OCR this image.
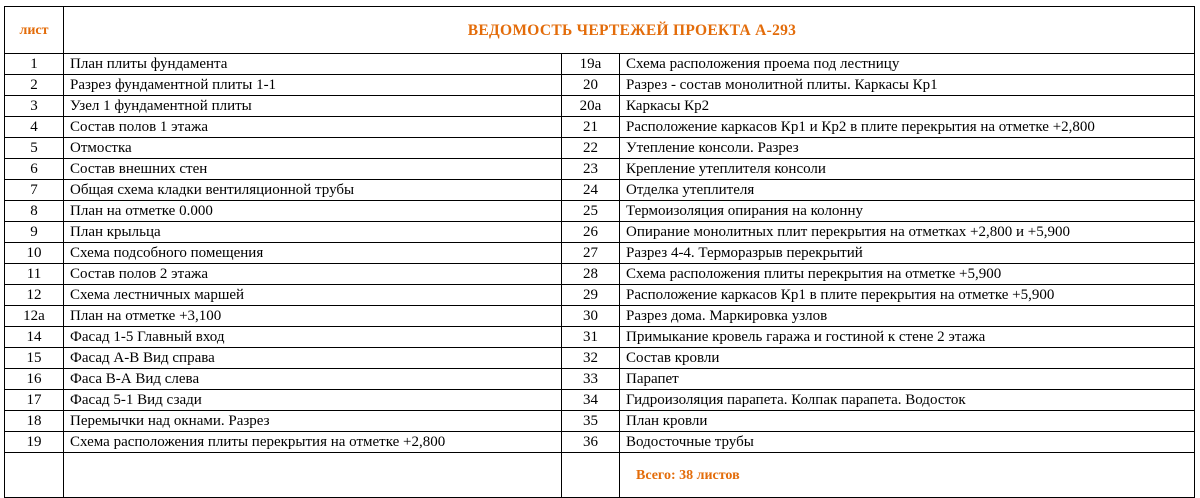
лист	ВЕДОМОСТЬ ЧЕРТЕЖЕЙ ПРОЕКТА А-293		
1	План плиты фундамента	19а	Схема расположения проема под лестницу
2	Разрез фундаментной плиты 1-1	20	Разрез - состав монолитной плиты. Каркасы Кр1
3	Узел 1 фундаментной плиты	20а	Каркасы Кр2
4	Состав полов 1 этажа	21	Расположение каркасов Кр1 и Кр2 в плите перекрытия на отметке +2,800
5	Отмостка	22	Утепление консоли. Разрез
6	Состав внешних стен	23	Крепление утеплителя консоли
7	Общая схема кладки вентиляционной трубы	24	Отделка утеплителя
8	План на отметке 0.000	25	Термоизоляция опирания на колонну
9	План крыльца	26	Опирание монолитных плит перекрытия на отметках +2,800 и +5,900
10	Схема подсобного помещения	27	Разрез 4-4. Терморазрыв перекрытий
11	Состав полов 2 этажа	28	Схема расположения плиты перекрытия на отметке +5,900
12	Схема лестничных маршей	29	Расположение каркасов Кр1 в плите перекрытия на отметке +5,900
12а	План на отметке +3,100	30	Разрез дома. Маркировка узлов
14	Фасад 1-5 Главный вход	31	Примыкание кровель гаража и гостиной к стене 2 этажа
15	Фасад А-В Вид справа	32	Состав кровли
16	Фаса В-А Вид слева	33	Парапет
17	Фасад 5-1 Вид сзади	34	Гидроизоляция парапета. Колпак парапета. Водосток
18	Перемычки над окнами. Разрез	35	План кровли
19	Схема расположения плиты перекрытия на отметке +2,800	36	Водосточные трубы
			Всего: 38 листов
